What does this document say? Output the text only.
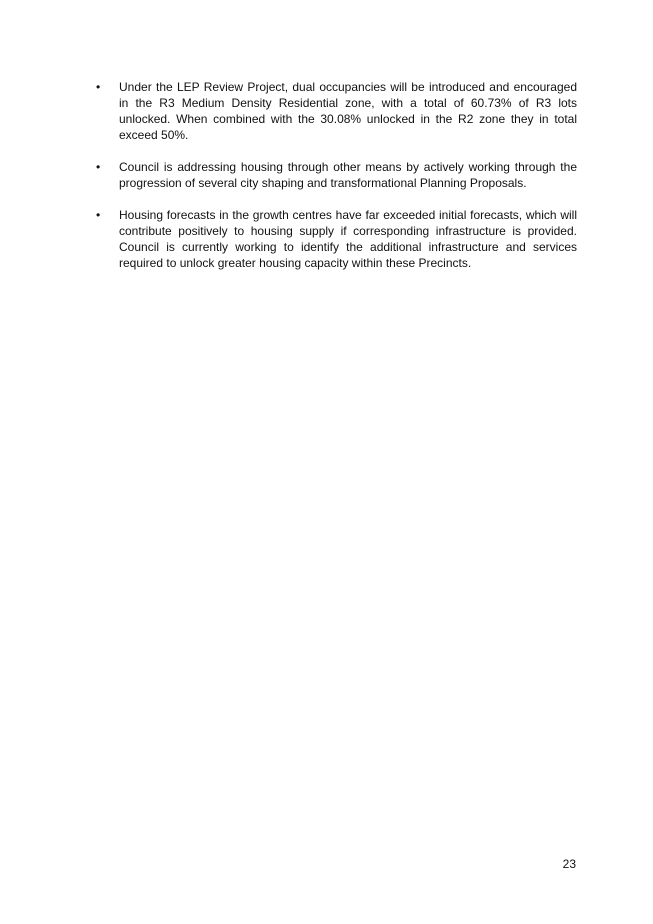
•	Under the LEP Review Project, dual occupancies will be introduced and encouraged in the R3 Medium Density Residential zone, with a total of 60.73% of R3 lots unlocked. When combined with the 30.08% unlocked in the R2 zone they in total exceed 50%.
•	Council is addressing housing through other means by actively working through the progression of several city shaping and transformational Planning Proposals.
•	Housing forecasts in the growth centres have far exceeded initial forecasts, which will contribute positively to housing supply if corresponding infrastructure is provided. Council is currently working to identify the additional infrastructure and services required to unlock greater housing capacity within these Precincts.
23
